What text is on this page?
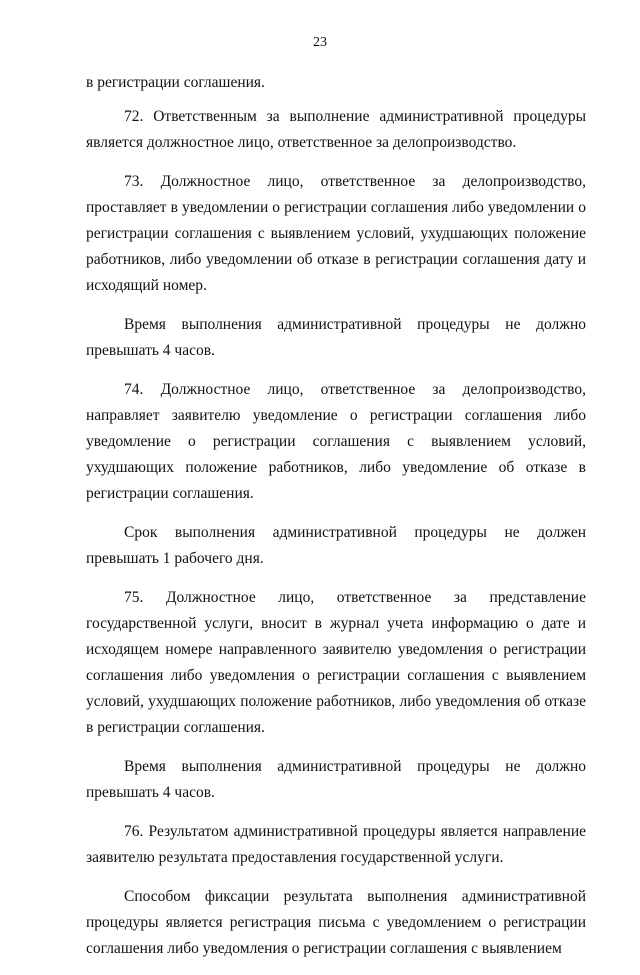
23

в регистрации соглашения.

72. Ответственным за выполнение административной процедуры является должностное лицо, ответственное за делопроизводство.

73. Должностное лицо, ответственное за делопроизводство, проставляет в уведомлении о регистрации соглашения либо уведомлении о регистрации соглашения с выявлением условий, ухудшающих положение работников, либо уведомлении об отказе в регистрации соглашения дату и исходящий номер.

Время выполнения административной процедуры не должно превышать 4 часов.

74. Должностное лицо, ответственное за делопроизводство, направляет заявителю уведомление о регистрации соглашения либо уведомление о регистрации соглашения с выявлением условий, ухудшающих положение работников, либо уведомление об отказе в регистрации соглашения.

Срок выполнения административной процедуры не должен превышать 1 рабочего дня.

75. Должностное лицо, ответственное за представление государственной услуги, вносит в журнал учета информацию о дате и исходящем номере направленного заявителю уведомления о регистрации соглашения либо уведомления о регистрации соглашения с выявлением условий, ухудшающих положение работников, либо уведомления об отказе в регистрации соглашения.

Время выполнения административной процедуры не должно превышать 4 часов.

76. Результатом административной процедуры является направление заявителю результата предоставления государственной услуги.

Способом фиксации результата выполнения административной процедуры является регистрация письма с уведомлением о регистрации соглашения либо уведомления о регистрации соглашения с выявлением
